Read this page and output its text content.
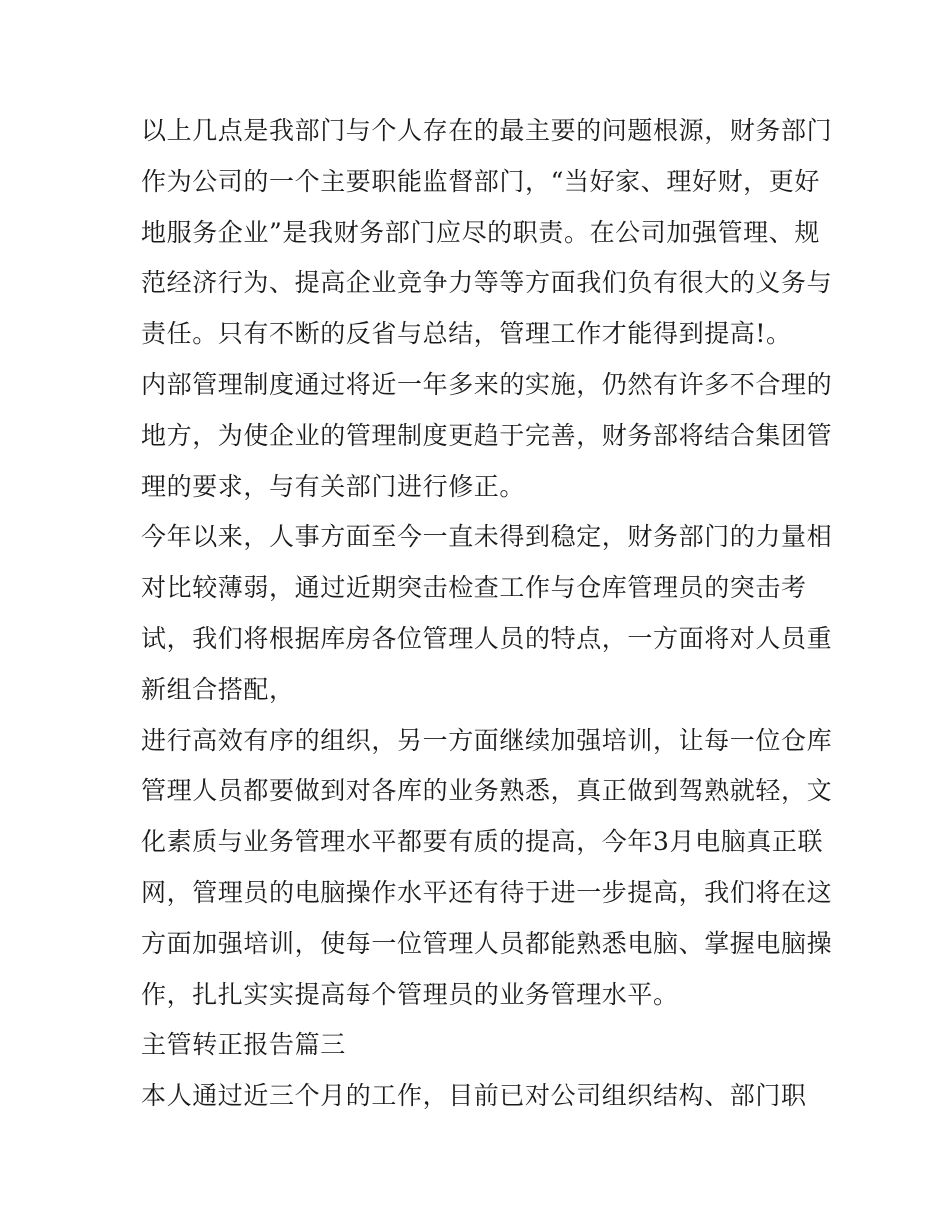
以上几点是我部门与个人存在的最主要的问题根源，财务部门
作为公司的一个主要职能监督部门，“当好家、理好财，更好
地服务企业”是我财务部门应尽的职责。在公司加强管理、规
范经济行为、提高企业竞争力等等方面我们负有很大的义务与
责任。只有不断的反省与总结，管理工作才能得到提高!。
内部管理制度通过将近一年多来的实施，仍然有许多不合理的
地方，为使企业的管理制度更趋于完善，财务部将结合集团管
理的要求，与有关部门进行修正。
今年以来，人事方面至今一直未得到稳定，财务部门的力量相
对比较薄弱，通过近期突击检查工作与仓库管理员的突击考
试，我们将根据库房各位管理人员的特点，一方面将对人员重
新组合搭配，
进行高效有序的组织，另一方面继续加强培训，让每一位仓库
管理人员都要做到对各库的业务熟悉，真正做到驾熟就轻，文
化素质与业务管理水平都要有质的提高，今年3月电脑真正联
网，管理员的电脑操作水平还有待于进一步提高，我们将在这
方面加强培训，使每一位管理人员都能熟悉电脑、掌握电脑操
作，扎扎实实提高每个管理员的业务管理水平。
主管转正报告篇三
本人通过近三个月的工作，目前已对公司组织结构、部门职
